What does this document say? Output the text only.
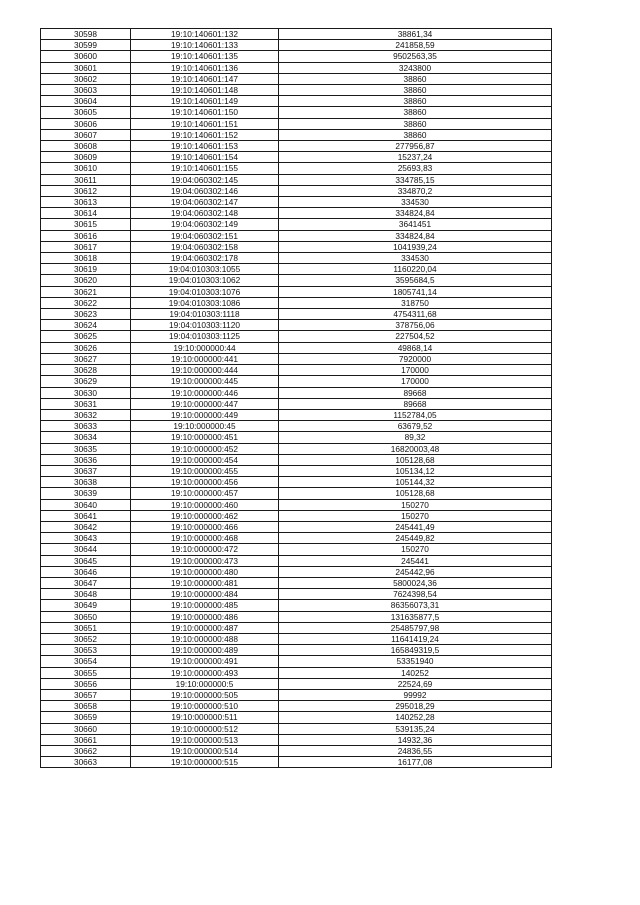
30598	19:10:140601:132	38861,34
30599	19:10:140601:133	241858,59
30600	19:10:140601:135	9502563,35
30601	19:10:140601:136	3243800
30602	19:10:140601:147	38860
30603	19:10:140601:148	38860
30604	19:10:140601:149	38860
30605	19:10:140601:150	38860
30606	19:10:140601:151	38860
30607	19:10:140601:152	38860
30608	19:10:140601:153	277956,87
30609	19:10:140601:154	15237,24
30610	19:10:140601:155	25693,83
30611	19:04:060302:145	334785,15
30612	19:04:060302:146	334870,2
30613	19:04:060302:147	334530
30614	19:04:060302:148	334824,84
30615	19:04:060302:149	3641451
30616	19:04:060302:151	334824,84
30617	19:04:060302:158	1041939,24
30618	19:04:060302:178	334530
30619	19:04:010303:1055	1160220,04
30620	19:04:010303:1062	3595684,5
30621	19:04:010303:1076	1805741,14
30622	19:04:010303:1086	318750
30623	19:04:010303:1118	4754311,68
30624	19:04:010303:1120	378756,06
30625	19:04:010303:1125	227504,52
30626	19:10:000000:44	49868,14
30627	19:10:000000:441	7920000
30628	19:10:000000:444	170000
30629	19:10:000000:445	170000
30630	19:10:000000:446	89668
30631	19:10:000000:447	89668
30632	19:10:000000:449	1152784,05
30633	19:10:000000:45	63679,52
30634	19:10:000000:451	89,32
30635	19:10:000000:452	16820003,48
30636	19:10:000000:454	105128,68
30637	19:10:000000:455	105134,12
30638	19:10:000000:456	105144,32
30639	19:10:000000:457	105128,68
30640	19:10:000000:460	150270
30641	19:10:000000:462	150270
30642	19:10:000000:466	245441,49
30643	19:10:000000:468	245449,82
30644	19:10:000000:472	150270
30645	19:10:000000:473	245441
30646	19:10:000000:480	245442,96
30647	19:10:000000:481	5800024,36
30648	19:10:000000:484	7624398,54
30649	19:10:000000:485	86356073,31
30650	19:10:000000:486	131635877,5
30651	19:10:000000:487	25485797,98
30652	19:10:000000:488	11641419,24
30653	19:10:000000:489	165849319,5
30654	19:10:000000:491	53351940
30655	19:10:000000:493	140252
30656	19:10:000000:5	22524,69
30657	19:10:000000:505	99992
30658	19:10:000000:510	295018,29
30659	19:10:000000:511	140252,28
30660	19:10:000000:512	539135,24
30661	19:10:000000:513	14932,36
30662	19:10:000000:514	24836,55
30663	19:10:000000:515	16177,08
